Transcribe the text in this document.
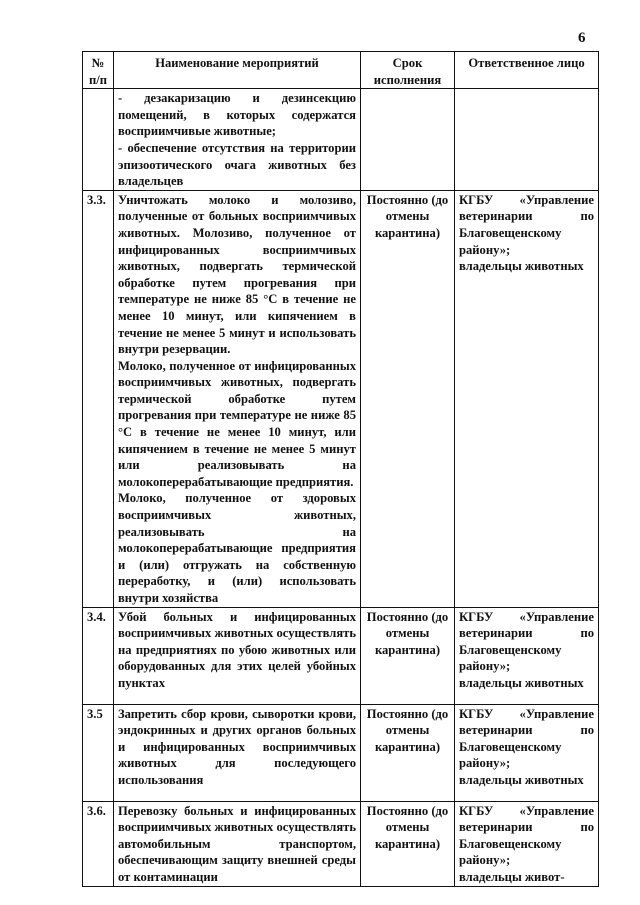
6
№ п/п	Наименование мероприятий	Срок исполнения	Ответственное лицо

	- дезакаризацию и дезинсекцию помещений, в которых содержатся восприимчивые животные;
- обеспечение отсутствия на территории эпизоотического очага животных без владельцев		

3.3.	Уничтожать молоко и молозиво, полученные от больных восприимчивых животных. Молозиво, полученное от инфицированных восприимчивых животных, подвергать термической обработке путем прогревания при температуре не ниже 85 °С в течение не менее 10 минут, или кипячением в течение не менее 5 минут и использовать внутри резервации.
Молоко, полученное от инфицированных восприимчивых животных, подвергать термической обработке путем прогревания при температуре не ниже 85 °С в течение не менее 10 минут, или кипячением в течение не менее 5 минут или реализовывать на молокоперерабатывающие предприятия.
Молоко, полученное от здоровых восприимчивых животных, реализовывать на молокоперерабатывающие предприятия и (или) отгружать на собственную переработку, и (или) использовать внутри хозяйства	Постоянно (до отмены карантина)	КГБУ «Управление ветеринарии по Благовещенскому району»;
владельцы животных

3.4.	Убой больных и инфицированных восприимчивых животных осуществлять на предприятиях по убою животных или оборудованных для этих целей убойных пунктах	Постоянно (до отмены карантина)	КГБУ «Управление ветеринарии по Благовещенскому району»;
владельцы животных

3.5	Запретить сбор крови, сыворотки крови, эндокринных и других органов больных и инфицированных восприимчивых животных для последующего использования	Постоянно (до отмены карантина)	КГБУ «Управление ветеринарии по Благовещенскому району»;
владельцы животных

3.6.	Перевозку больных и инфицированных восприимчивых животных осуществлять автомобильным транспортом, обеспечивающим защиту внешней среды от контаминации	Постоянно (до отмены карантина)	КГБУ «Управление ветеринарии по Благовещенскому району»;
владельцы живот-
